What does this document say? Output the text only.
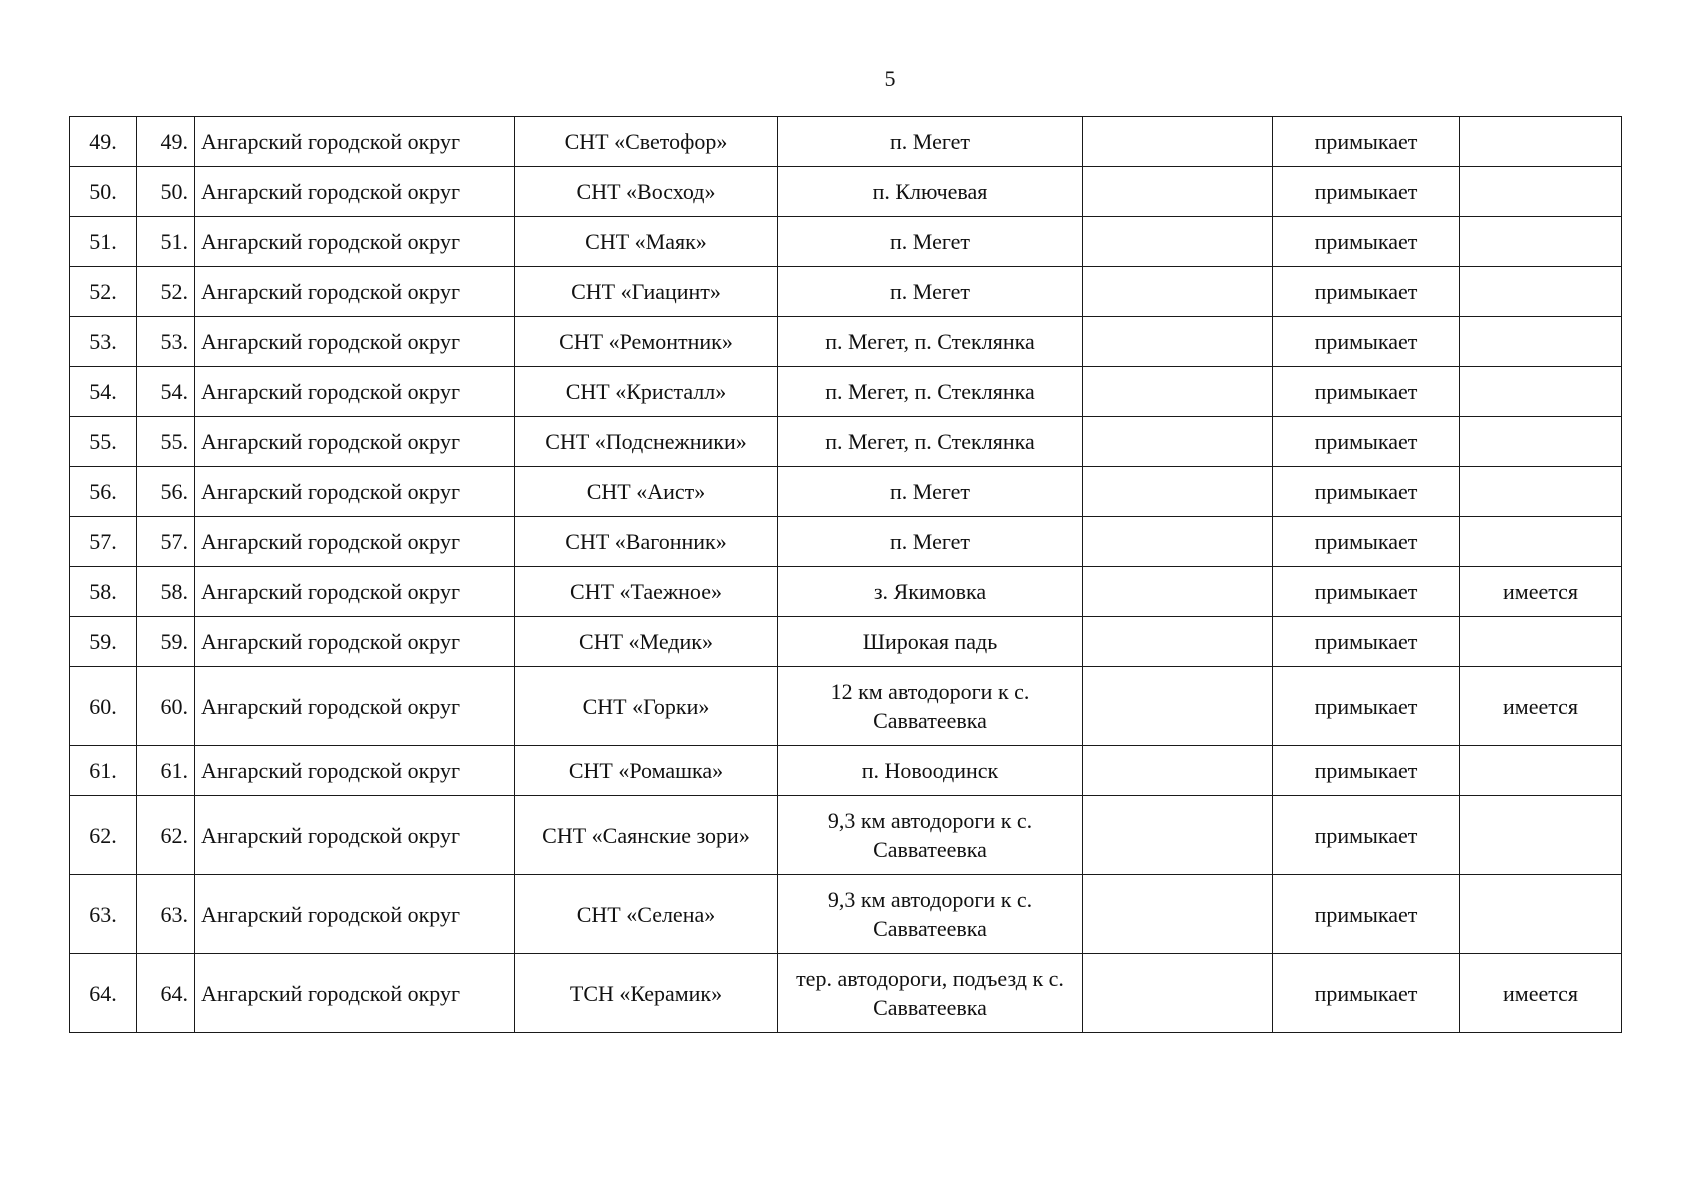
5
49.	49.	Ангарский городской округ	СНТ «Светофор»	п. Мегет		примыкает	
50.	50.	Ангарский городской округ	СНТ «Восход»	п. Ключевая		примыкает	
51.	51.	Ангарский городской округ	СНТ «Маяк»	п. Мегет		примыкает	
52.	52.	Ангарский городской округ	СНТ «Гиацинт»	п. Мегет		примыкает	
53.	53.	Ангарский городской округ	СНТ «Ремонтник»	п. Мегет, п. Стеклянка		примыкает	
54.	54.	Ангарский городской округ	СНТ «Кристалл»	п. Мегет, п. Стеклянка		примыкает	
55.	55.	Ангарский городской округ	СНТ «Подснежники»	п. Мегет, п. Стеклянка		примыкает	
56.	56.	Ангарский городской округ	СНТ «Аист»	п. Мегет		примыкает	
57.	57.	Ангарский городской округ	СНТ «Вагонник»	п. Мегет		примыкает	
58.	58.	Ангарский городской округ	СНТ «Таежное»	з. Якимовка		примыкает	имеется
59.	59.	Ангарский городской округ	СНТ «Медик»	Широкая падь		примыкает	
60.	60.	Ангарский городской округ	СНТ «Горки»	12 км автодороги к с. Савватеевка		примыкает	имеется
61.	61.	Ангарский городской округ	СНТ «Ромашка»	п. Новоодинск		примыкает	
62.	62.	Ангарский городской округ	СНТ «Саянские зори»	9,3 км автодороги к с. Савватеевка		примыкает	
63.	63.	Ангарский городской округ	СНТ «Селена»	9,3 км автодороги к с. Савватеевка		примыкает	
64.	64.	Ангарский городской округ	ТСН «Керамик»	тер. автодороги, подъезд к с. Савватеевка		примыкает	имеется
